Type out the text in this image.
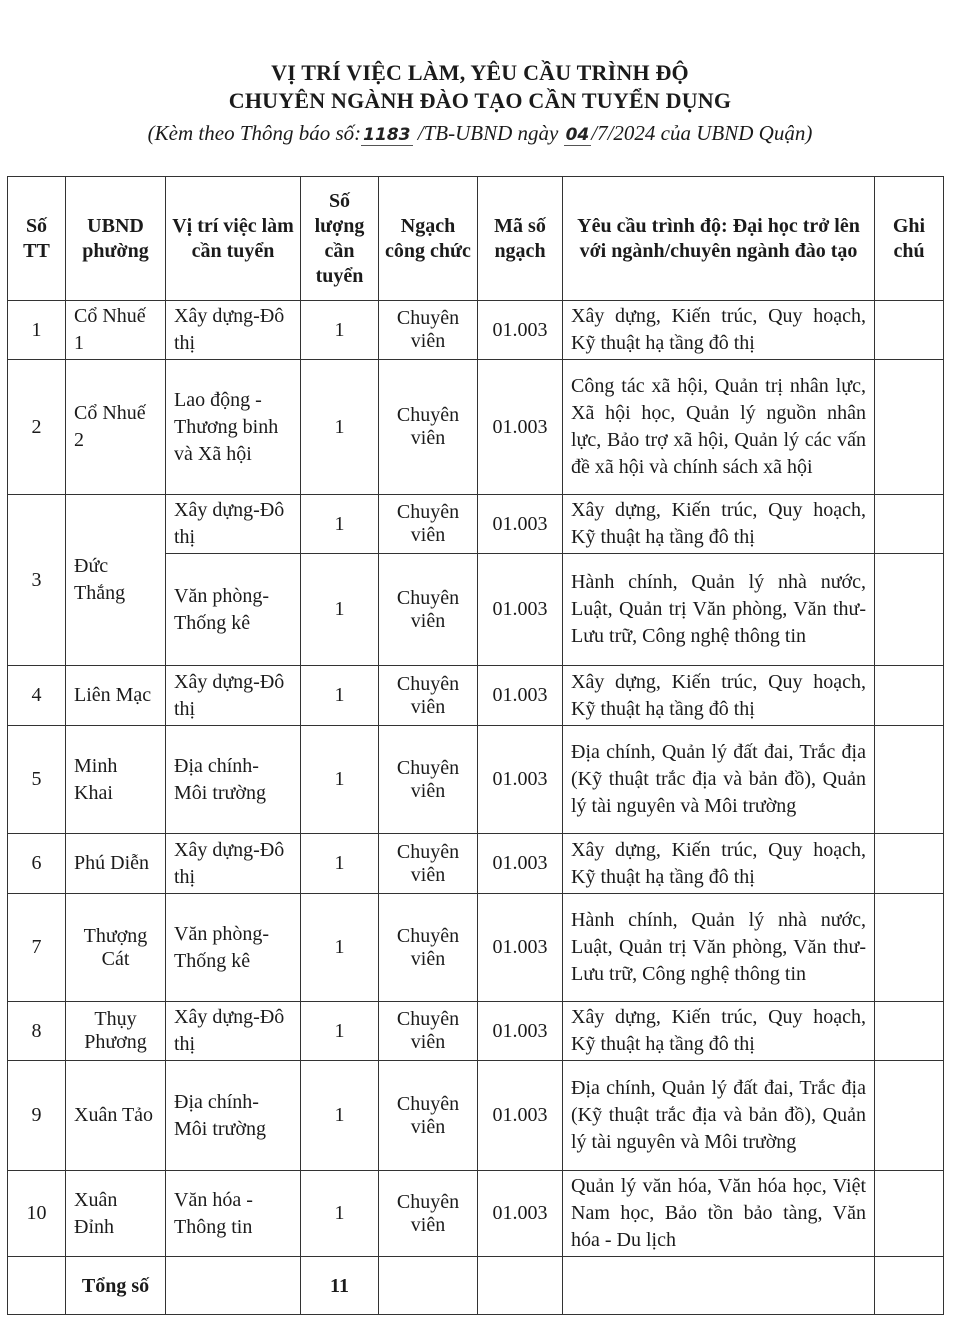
VỊ TRÍ VIỆC LÀM, YÊU CẦU TRÌNH ĐỘ
CHUYÊN NGÀNH ĐÀO TẠO CẦN TUYỂN DỤNG
(Kèm theo Thông báo số: 1183 /TB-UBND ngày 04/7/2024 của UBND Quận)
Số TT	UBND phường	Vị trí việc làm cần tuyển	Số lượng cần tuyển	Ngạch công chức	Mã số ngạch	Yêu cầu trình độ: Đại học trở lên với ngành/chuyên ngành đào tạo	Ghi chú
1	Cổ Nhuế 1	Xây dựng-Đô thị	1	Chuyên viên	01.003	Xây dựng, Kiến trúc, Quy hoạch, Kỹ thuật hạ tầng đô thị	
2	Cổ Nhuế 2	Lao động - Thương binh và Xã hội	1	Chuyên viên	01.003	Công tác xã hội, Quản trị nhân lực, Xã hội học, Quản lý nguồn nhân lực, Bảo trợ xã hội, Quản lý các vấn đề xã hội và chính sách xã hội	
3	Đức Thắng	Xây dựng-Đô thị	1	Chuyên viên	01.003	Xây dựng, Kiến trúc, Quy hoạch, Kỹ thuật hạ tầng đô thị	
		Văn phòng-Thống kê	1	Chuyên viên	01.003	Hành chính, Quản lý nhà nước, Luật, Quản trị Văn phòng, Văn thư-Lưu trữ, Công nghệ thông tin	
4	Liên Mạc	Xây dựng-Đô thị	1	Chuyên viên	01.003	Xây dựng, Kiến trúc, Quy hoạch, Kỹ thuật hạ tầng đô thị	
5	Minh Khai	Địa chính-Môi trường	1	Chuyên viên	01.003	Địa chính, Quản lý đất đai, Trắc địa (Kỹ thuật trắc địa và bản đồ), Quản lý tài nguyên và Môi trường	
6	Phú Diễn	Xây dựng-Đô thị	1	Chuyên viên	01.003	Xây dựng, Kiến trúc, Quy hoạch, Kỹ thuật hạ tầng đô thị	
7	Thượng Cát	Văn phòng-Thống kê	1	Chuyên viên	01.003	Hành chính, Quản lý nhà nước, Luật, Quản trị Văn phòng, Văn thư-Lưu trữ, Công nghệ thông tin	
8	Thụy Phương	Xây dựng-Đô thị	1	Chuyên viên	01.003	Xây dựng, Kiến trúc, Quy hoạch, Kỹ thuật hạ tầng đô thị	
9	Xuân Tảo	Địa chính-Môi trường	1	Chuyên viên	01.003	Địa chính, Quản lý đất đai, Trắc địa (Kỹ thuật trắc địa và bản đồ), Quản lý tài nguyên và Môi trường	
10	Xuân Đỉnh	Văn hóa - Thông tin	1	Chuyên viên	01.003	Quản lý văn hóa, Văn hóa học, Việt Nam học, Bảo tồn bảo tàng, Văn hóa - Du lịch	
	Tổng số		11				
